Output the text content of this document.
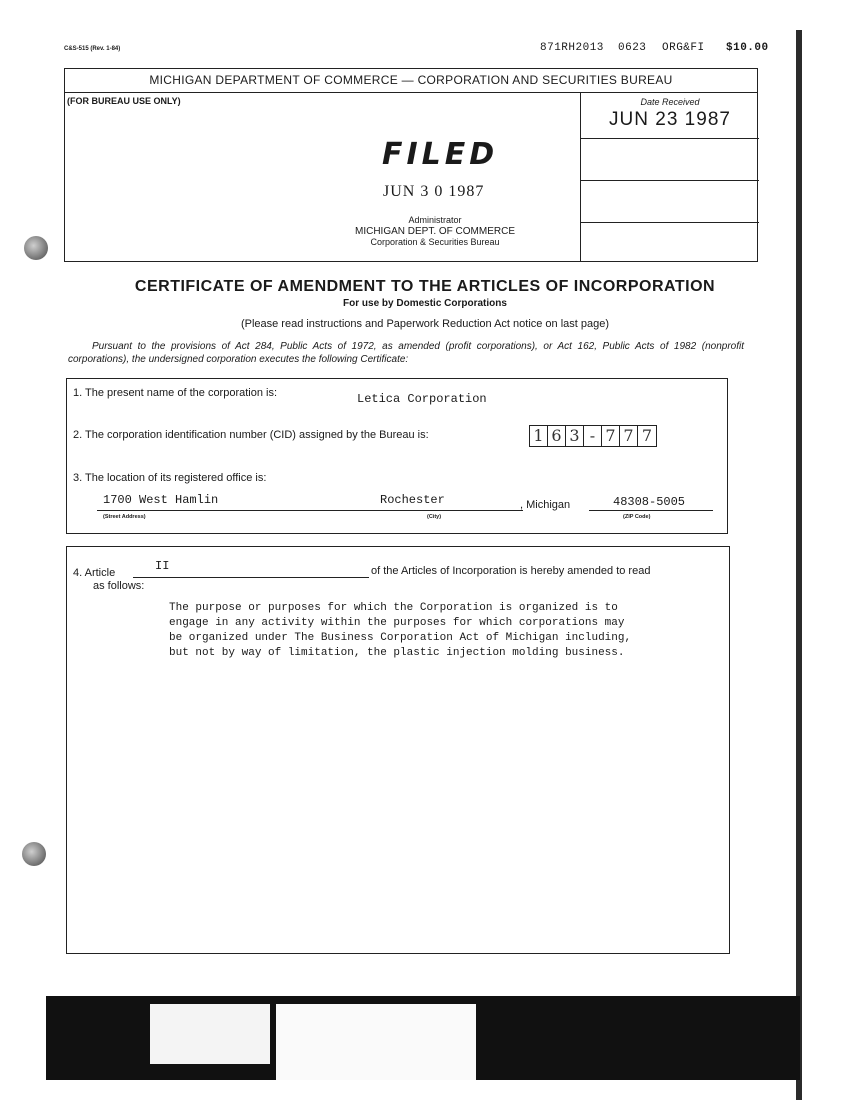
C&S-515 (Rev. 1-84)	871RH2013 0623 ORG&FI $10.00
MICHIGAN DEPARTMENT OF COMMERCE — CORPORATION AND SECURITIES BUREAU
(FOR BUREAU USE ONLY)
FILED
JUN 3 0 1987
Administrator
MICHIGAN DEPT. OF COMMERCE
Corporation & Securities Bureau
Date Received
JUN 23 1987
CERTIFICATE OF AMENDMENT TO THE ARTICLES OF INCORPORATION
For use by Domestic Corporations
(Please read instructions and Paperwork Reduction Act notice on last page)
Pursuant to the provisions of Act 284, Public Acts of 1972, as amended (profit corporations), or Act 162, Public Acts of 1982 (nonprofit corporations), the undersigned corporation executes the following Certificate:
1. The present name of the corporation is:	Letica Corporation
2. The corporation identification number (CID) assigned by the Bureau is:	1 6 3 - 7 7 7
3. The location of its registered office is:
1700 West Hamlin	Rochester	, Michigan	48308-5005
(Street Address)	(City)	(ZIP Code)
4. Article	II	of the Articles of Incorporation is hereby amended to read
as follows:
The purpose or purposes for which the Corporation is organized is to
engage in any activity within the purposes for which corporations may
be organized under The Business Corporation Act of Michigan including,
but not by way of limitation, the plastic injection molding business.
